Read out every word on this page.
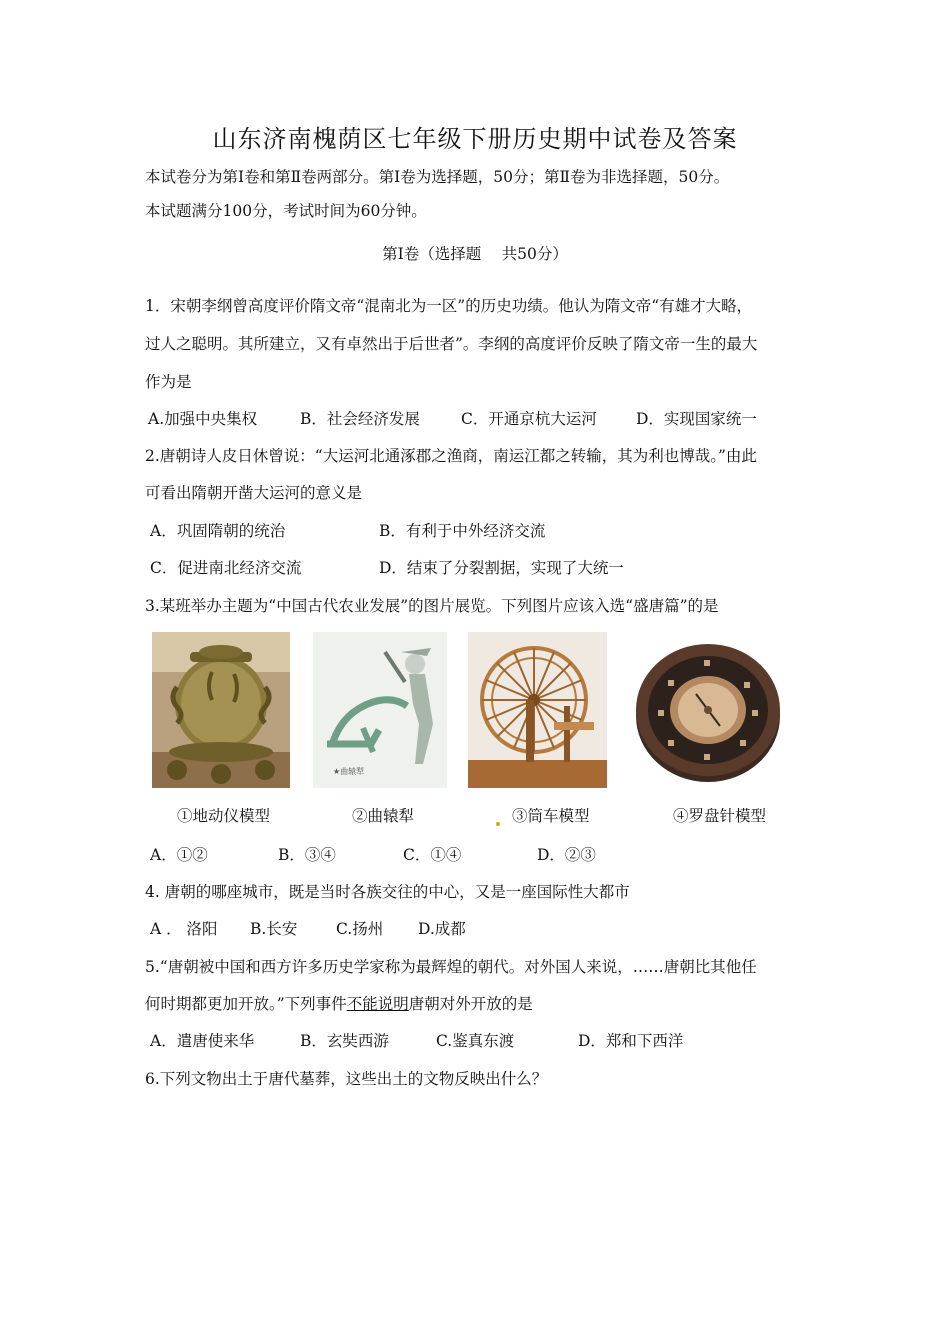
山东济南槐荫区七年级下册历史期中试卷及答案
本试卷分为第Ⅰ卷和第Ⅱ卷两部分。第Ⅰ卷为选择题，50分；第Ⅱ卷为非选择题，50分。
本试题满分100分，考试时间为60分钟。
第Ⅰ卷（选择题　 共50分）
1．宋朝李纲曾高度评价隋文帝“混南北为一区”的历史功绩。他认为隋文帝“有雄才大略，
过人之聪明。其所建立，又有卓然出于后世者”。李纲的高度评价反映了隋文帝一生的最大
作为是
A.加强中央集权	B．社会经济发展	C．开通京杭大运河	D．实现国家统一
2.唐朝诗人皮日休曾说：“大运河北通涿郡之渔商，南运江都之转输，其为利也博哉。”由此
可看出隋朝开凿大运河的意义是
A．巩固隋朝的统治	B．有利于中外经济交流
C．促进南北经济交流	D．结束了分裂割据，实现了大统一
3.某班举办主题为“中国古代农业发展”的图片展览。下列图片应该入选“盛唐篇”的是
★曲辕犁
①地动仪模型	②曲辕犁	③筒车模型	④罗盘针模型
A．①②	B．③④	C．①④	D．②③
4. 唐朝的哪座城市，既是当时各族交往的中心，又是一座国际性大都市
A ． 洛阳 B.长安 C.扬州 D.成都
5.“唐朝被中国和西方许多历史学家称为最辉煌的朝代。对外国人来说，……唐朝比其他任
何时期都更加开放。”下列事件不能说明唐朝对外开放的是
A．遣唐使来华	B．玄奘西游	C.鉴真东渡	D．郑和下西洋
6.下列文物出土于唐代墓葬，这些出土的文物反映出什么？
